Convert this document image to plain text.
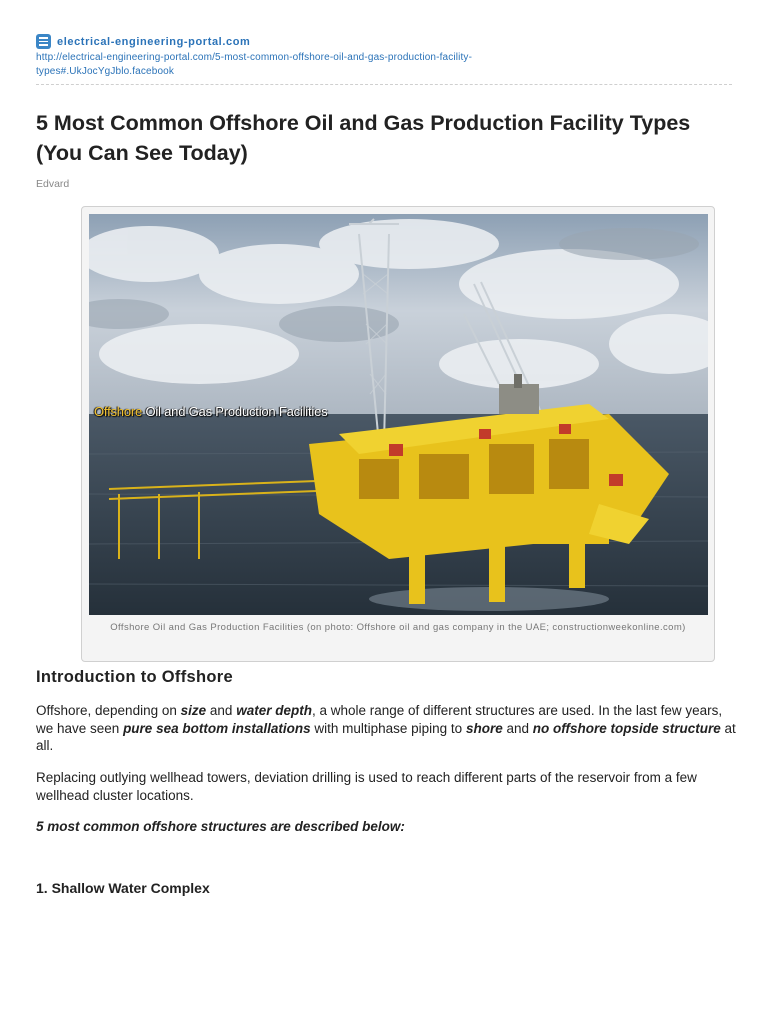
electrical-engineering-portal.com
http://electrical-engineering-portal.com/5-most-common-offshore-oil-and-gas-production-facility-types#.UkJocYgJblo.facebook
5 Most Common Offshore Oil and Gas Production Facility Types (You Can See Today)
Edvard
Offshore Oil and Gas Production Facilities
Offshore Oil and Gas Production Facilities (on photo: Offshore oil and gas company in the UAE; constructionweekonline.com)
Introduction to Offshore

Offshore, depending on size and water depth, a whole range of different structures are used. In the last few years, we have seen pure sea bottom installations with multiphase piping to shore and no offshore topside structure at all.

Replacing outlying wellhead towers, deviation drilling is used to reach different parts of the reservoir from a few wellhead cluster locations.

5 most common offshore structures are described below:

1. Shallow Water Complex
